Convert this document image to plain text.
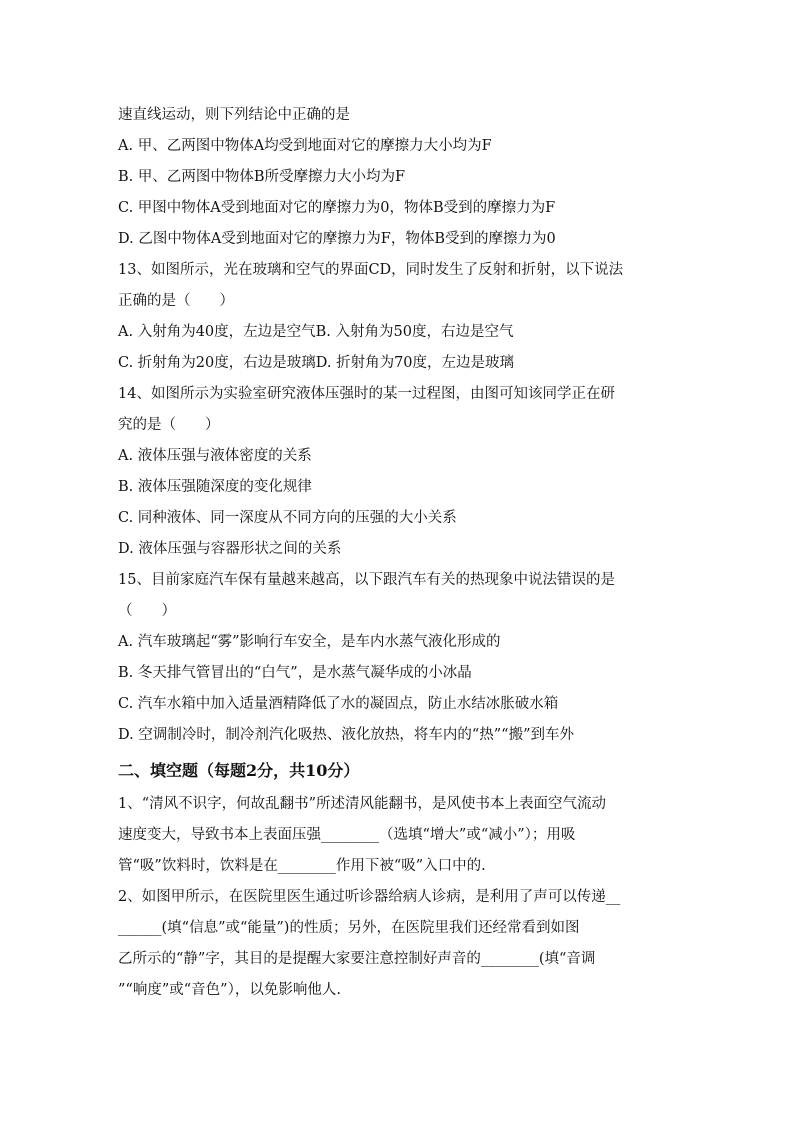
速直线运动，则下列结论中正确的是
A. 甲、乙两图中物体A均受到地面对它的摩擦力大小均为F
B. 甲、乙两图中物体B所受摩擦力大小均为F
C. 甲图中物体A受到地面对它的摩擦力为0，物体B受到的摩擦力为F
D. 乙图中物体A受到地面对它的摩擦力为F，物体B受到的摩擦力为0
13、如图所示，光在玻璃和空气的界面CD，同时发生了反射和折射，以下说法
正确的是（　　）
A. 入射角为40度，左边是空气B. 入射角为50度，右边是空气
C. 折射角为20度，右边是玻璃D. 折射角为70度，左边是玻璃
14、如图所示为实验室研究液体压强时的某一过程图，由图可知该同学正在研
究的是（　　）
A. 液体压强与液体密度的关系
B. 液体压强随深度的变化规律
C. 同种液体、同一深度从不同方向的压强的大小关系
D. 液体压强与容器形状之间的关系
15、目前家庭汽车保有量越来越高，以下跟汽车有关的热现象中说法错误的是
（　　）
A. 汽车玻璃起“雾”影响行车安全，是车内水蒸气液化形成的
B. 冬天排气管冒出的“白气”，是水蒸气凝华成的小冰晶
C. 汽车水箱中加入适量酒精降低了水的凝固点，防止水结冰胀破水箱
D. 空调制冷时，制冷剂汽化吸热、液化放热，将车内的“热”“搬”到车外
二、填空题（每题2分，共10分）
1、“清风不识字，何故乱翻书”所述清风能翻书，是风使书本上表面空气流动
速度变大，导致书本上表面压强________（选填“增大”或“减小”）；用吸
管“吸”饮料时，饮料是在________作用下被“吸”入口中的.
2、如图甲所示，在医院里医生通过听诊器给病人诊病，是利用了声可以传递__
______(填“信息”或“能量”)的性质；另外，在医院里我们还经常看到如图
乙所示的“静”字，其目的是提醒大家要注意控制好声音的________(填“音调
”“响度”或“音色”），以免影响他人.
